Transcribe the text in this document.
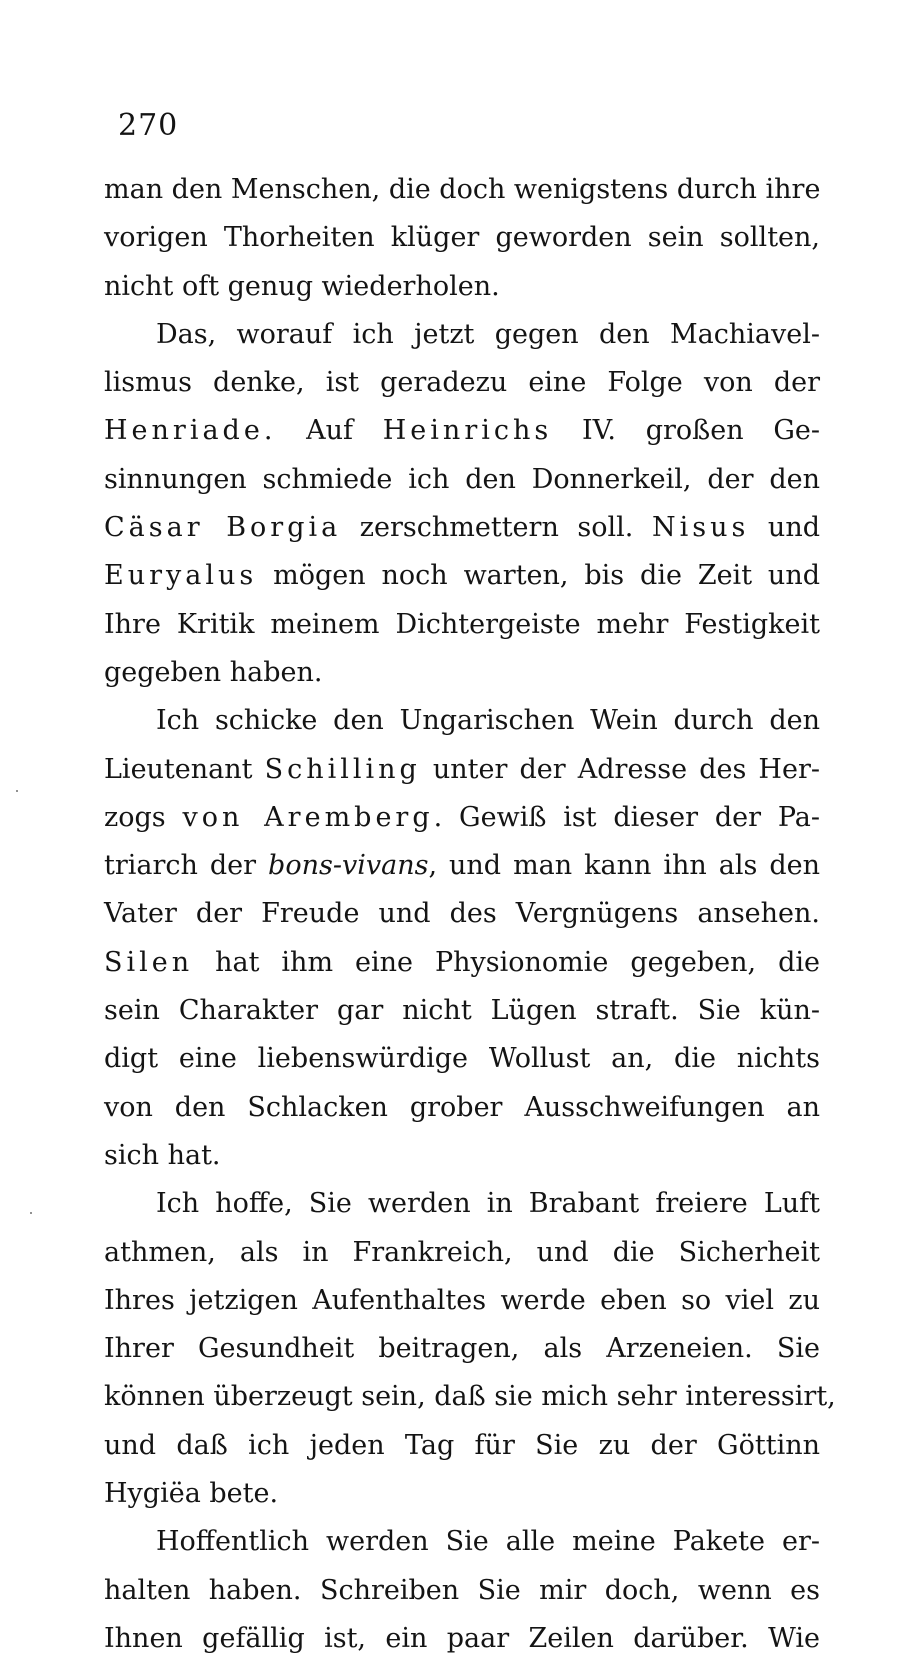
270
man den Menschen, die doch wenigstens durch ihre
vorigen Thorheiten klüger geworden sein sollten,
nicht oft genug wiederholen.
Das, worauf ich jetzt gegen den Machiavel-
lismus denke, ist geradezu eine Folge von der
Henriade. Auf Heinrichs IV. großen Ge-
sinnungen schmiede ich den Donnerkeil, der den
Cäsar Borgia zerschmettern soll. Nisus und
Euryalus mögen noch warten, bis die Zeit und
Ihre Kritik meinem Dichtergeiste mehr Festigkeit
gegeben haben.
Ich schicke den Ungarischen Wein durch den
Lieutenant Schilling unter der Adresse des Her-
zogs von Aremberg. Gewiß ist dieser der Pa-
triarch der bons-vivans, und man kann ihn als den
Vater der Freude und des Vergnügens ansehen.
Silen hat ihm eine Physionomie gegeben, die
sein Charakter gar nicht Lügen straft. Sie kün-
digt eine liebenswürdige Wollust an, die nichts
von den Schlacken grober Ausschweifungen an
sich hat.
Ich hoffe, Sie werden in Brabant freiere Luft
athmen, als in Frankreich, und die Sicherheit
Ihres jetzigen Aufenthaltes werde eben so viel zu
Ihrer Gesundheit beitragen, als Arzeneien. Sie
können überzeugt sein, daß sie mich sehr interessirt,
und daß ich jeden Tag für Sie zu der Göttinn
Hygiëa bete.
Hoffentlich werden Sie alle meine Pakete er-
halten haben. Schreiben Sie mir doch, wenn es
Ihnen gefällig ist, ein paar Zeilen darüber. Wie
